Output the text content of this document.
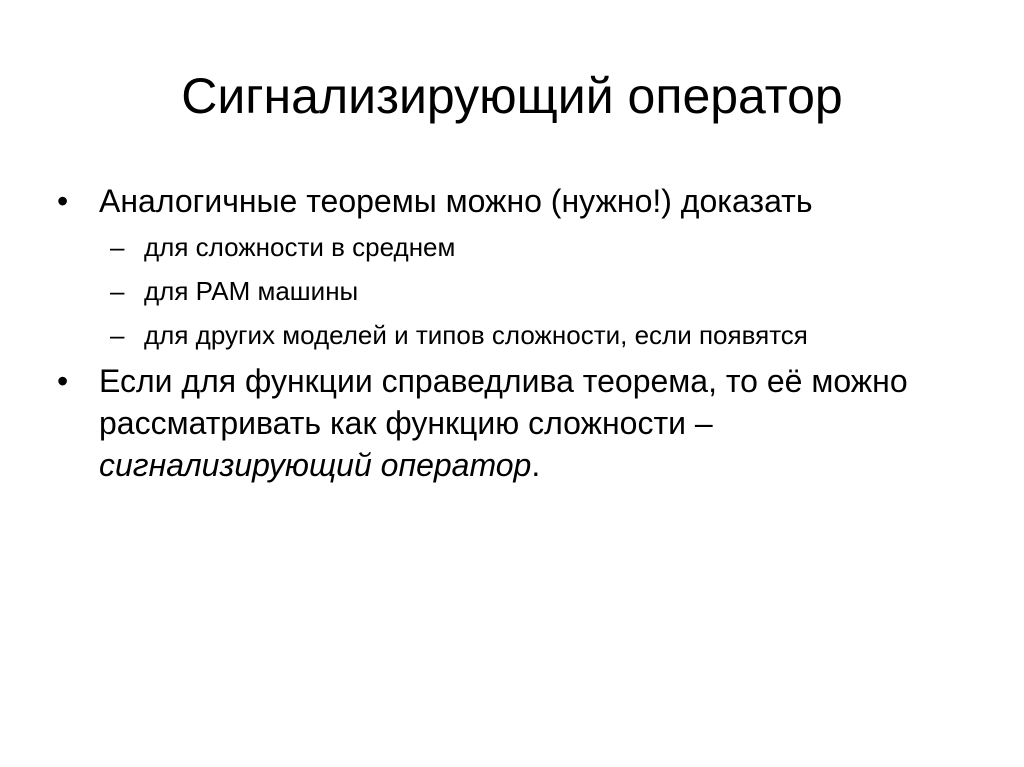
Сигнализирующий оператор
• Аналогичные теоремы можно (нужно!) доказать
– для сложности в среднем
– для РАМ машины
– для других моделей и типов сложности, если появятся
• Если для функции справедлива теорема, то её можно рассматривать как функцию сложности – сигнализирующий оператор.
